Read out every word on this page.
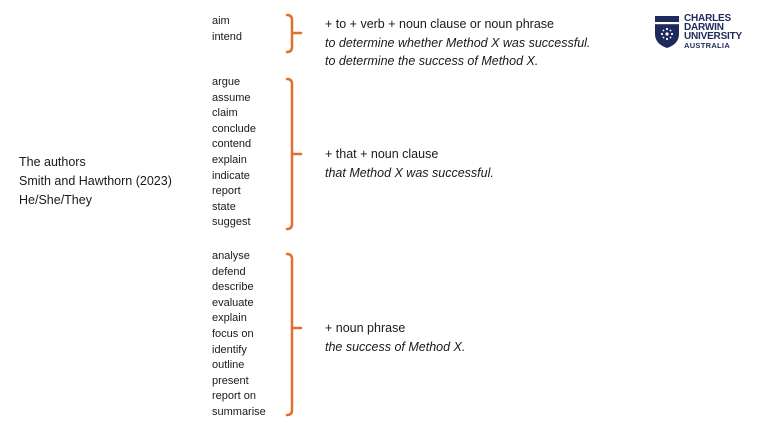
The authors
Smith and Hawthorn (2023)
He/She/They
aim
intend
+ to + verb + noun clause or noun phrase
to determine whether Method X was successful.
to determine the success of Method X.
argue
assume
claim
conclude
contend
explain
indicate
report
state
suggest
+ that + noun clause
that Method X was successful.
analyse
defend
describe
evaluate
explain
focus on
identify
outline
present
report on
summarise
+ noun phrase
the success of Method X.
CHARLES
DARWIN
UNIVERSITY
AUSTRALIA
